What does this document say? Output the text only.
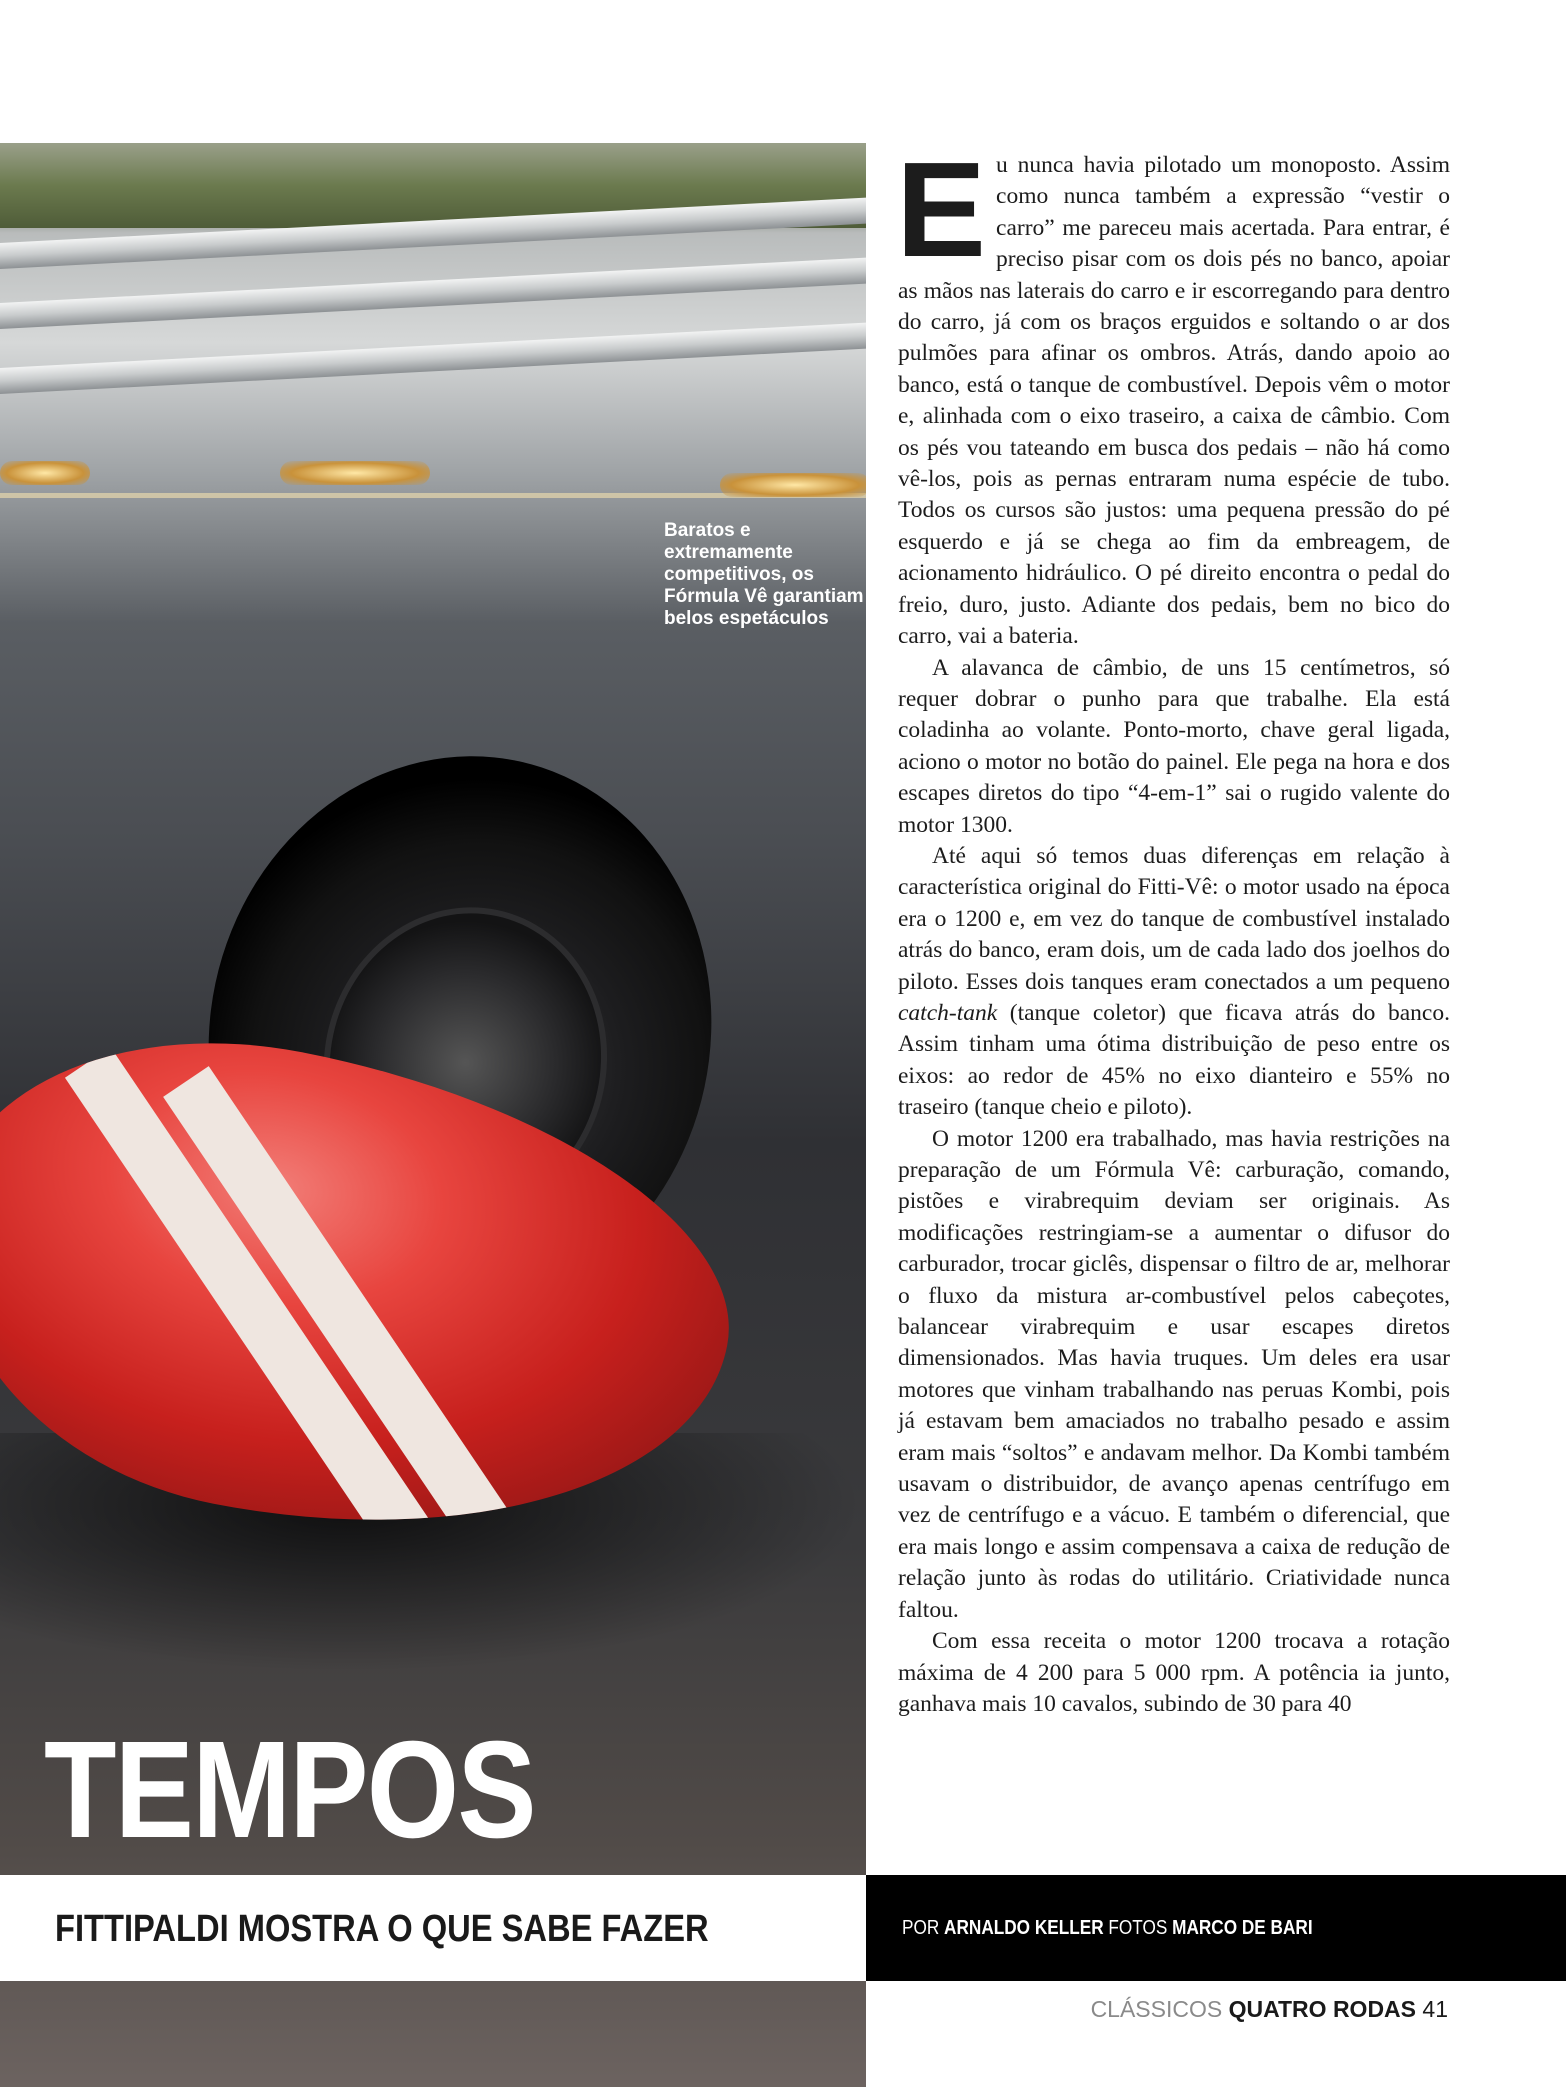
Baratos e extremamente competitivos, os Fórmula Vê garantiam belos espetáculos

TEMPOS
FITTIPALDI MOSTRA O QUE SABE FAZER	POR ARNALDO KELLER FOTOS MARCO DE BARI

Eu nunca havia pilotado um monoposto. Assim como nunca também a expressão “vestir o carro” me pareceu mais acertada. Para entrar, é preciso pisar com os dois pés no banco, apoiar as mãos nas laterais do carro e ir escorregando para dentro do carro, já com os braços erguidos e soltando o ar dos pulmões para afinar os ombros. Atrás, dando apoio ao banco, está o tanque de combustível. Depois vêm o motor e, alinhada com o eixo traseiro, a caixa de câmbio. Com os pés vou tateando em busca dos pedais – não há como vê-los, pois as pernas entraram numa espécie de tubo. Todos os cursos são justos: uma pequena pressão do pé esquerdo e já se chega ao fim da embreagem, de acionamento hidráulico. O pé direito encontra o pedal do freio, duro, justo. Adiante dos pedais, bem no bico do carro, vai a bateria.

A alavanca de câmbio, de uns 15 centímetros, só requer dobrar o punho para que trabalhe. Ela está coladinha ao volante. Ponto-morto, chave geral ligada, aciono o motor no botão do painel. Ele pega na hora e dos escapes diretos do tipo “4-em-1” sai o rugido valente do motor 1300.

Até aqui só temos duas diferenças em relação à característica original do Fitti-Vê: o motor usado na época era o 1200 e, em vez do tanque de combustível instalado atrás do banco, eram dois, um de cada lado dos joelhos do piloto. Esses dois tanques eram conectados a um pequeno catch-tank (tanque coletor) que ficava atrás do banco. Assim tinham uma ótima distribuição de peso entre os eixos: ao redor de 45% no eixo dianteiro e 55% no traseiro (tanque cheio e piloto).

O motor 1200 era trabalhado, mas havia restrições na preparação de um Fórmula Vê: carburação, comando, pistões e virabrequim deviam ser originais. As modificações restringiam-se a aumentar o difusor do carburador, trocar giclês, dispensar o filtro de ar, melhorar o fluxo da mistura ar-combustível pelos cabeçotes, balancear virabrequim e usar escapes diretos dimensionados. Mas havia truques. Um deles era usar motores que vinham trabalhando nas peruas Kombi, pois já estavam bem amaciados no trabalho pesado e assim eram mais “soltos” e andavam melhor. Da Kombi também usavam o distribuidor, de avanço apenas centrífugo em vez de centrífugo e a vácuo. E também o diferencial, que era mais longo e assim compensava a caixa de redução de relação junto às rodas do utilitário. Criatividade nunca faltou.

Com essa receita o motor 1200 trocava a rotação máxima de 4 200 para 5 000 rpm. A potência ia junto, ganhava mais 10 cavalos, subindo de 30 para 40

CLÁSSICOS QUATRO RODAS 41
